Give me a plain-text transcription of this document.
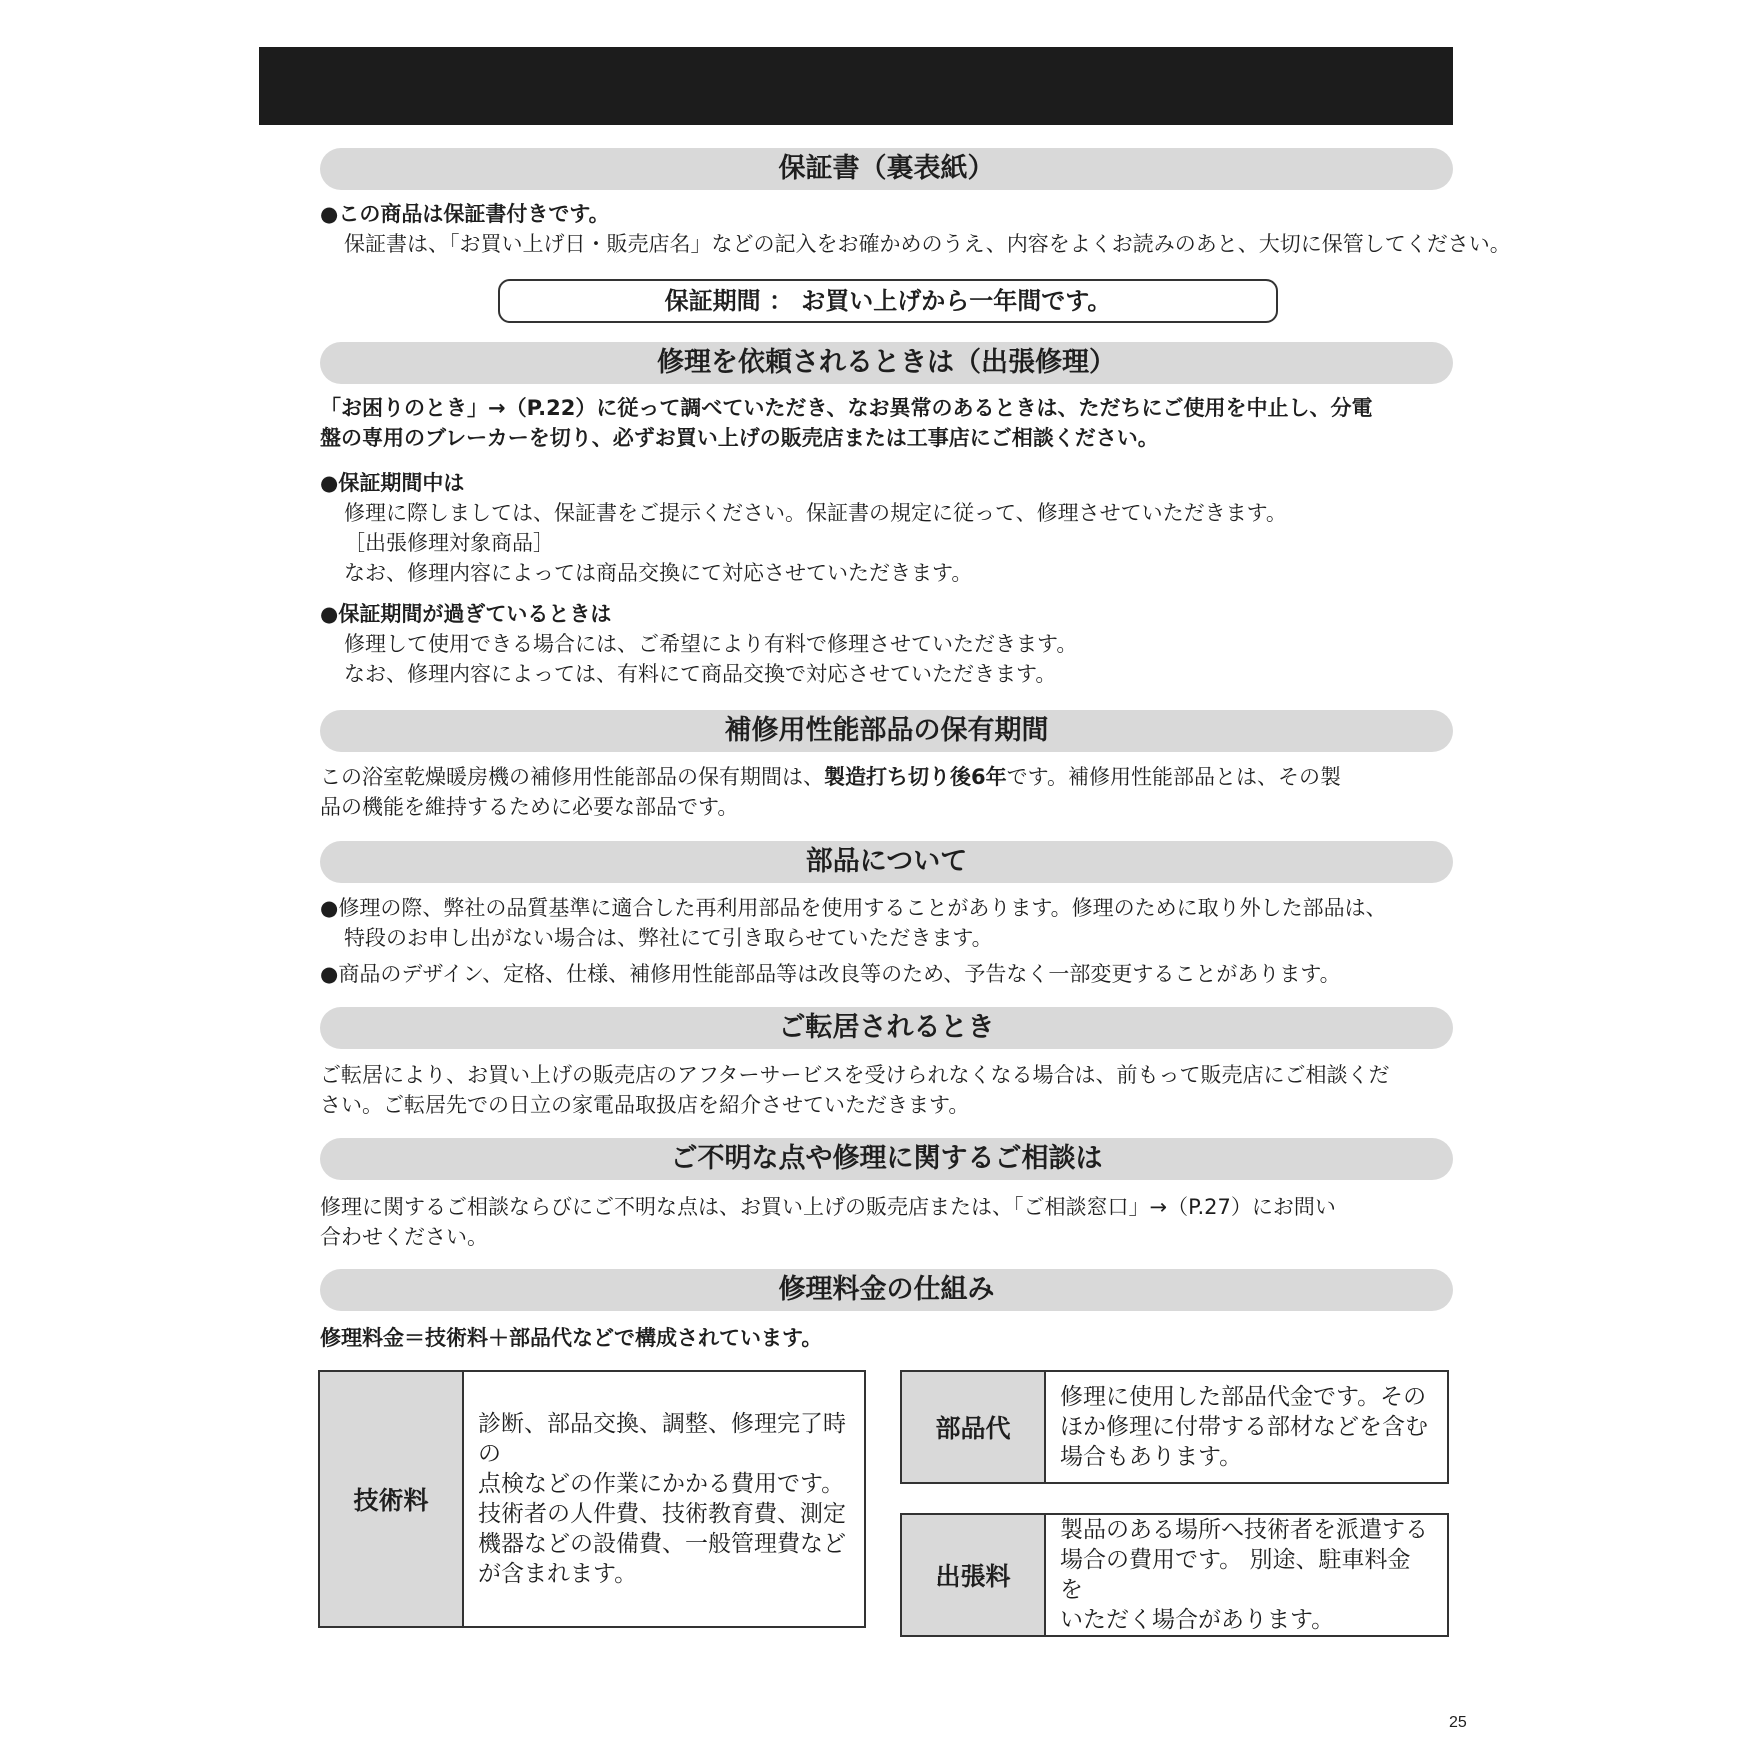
保証書（裏表紙）
●この商品は保証書付きです。
保証書は、「お買い上げ日・販売店名」などの記入をお確かめのうえ、内容をよくお読みのあと、大切に保管してください。
保証期間 ： お買い上げから一年間です。
修理を依頼されるときは（出張修理）
「お困りのとき」→（P.22）に従って調べていただき、なお異常のあるときは、ただちにご使用を中止し、分電
盤の専用のブレーカーを切り、必ずお買い上げの販売店または工事店にご相談ください。
●保証期間中は
修理に際しましては、保証書をご提示ください。保証書の規定に従って、修理させていただきます。
［出張修理対象商品］
なお、修理内容によっては商品交換にて対応させていただきます。
●保証期間が過ぎているときは
修理して使用できる場合には、ご希望により有料で修理させていただきます。
なお、修理内容によっては、有料にて商品交換で対応させていただきます。
補修用性能部品の保有期間
この浴室乾燥暖房機の補修用性能部品の保有期間は、製造打ち切り後6年です。補修用性能部品とは、その製
品の機能を維持するために必要な部品です。
部品について
●修理の際、弊社の品質基準に適合した再利用部品を使用することがあります。修理のために取り外した部品は、
特段のお申し出がない場合は、弊社にて引き取らせていただきます。
●商品のデザイン、定格、仕様、補修用性能部品等は改良等のため、予告なく一部変更することがあります。
ご転居されるとき
ご転居により、お買い上げの販売店のアフターサービスを受けられなくなる場合は、前もって販売店にご相談くだ
さい。ご転居先での日立の家電品取扱店を紹介させていただきます。
ご不明な点や修理に関するご相談は
修理に関するご相談ならびにご不明な点は、お買い上げの販売店または、「ご相談窓口」→（P.27）にお問い
合わせください。
修理料金の仕組み
修理料金＝技術料＋部品代などで構成されています。
技術料	
診断、部品交換、調整、修理完了時の
点検などの作業にかかる費用です。
技術者の人件費、技術教育費、測定
機器などの設備費、一般管理費など
が含まれます。
部品代	
修理に使用した部品代金です。その
ほか修理に付帯する部材などを含む
場合もあります。
出張料	
製品のある場所へ技術者を派遣する
場合の費用です。 別途、駐車料金を
いただく場合があります。
25
